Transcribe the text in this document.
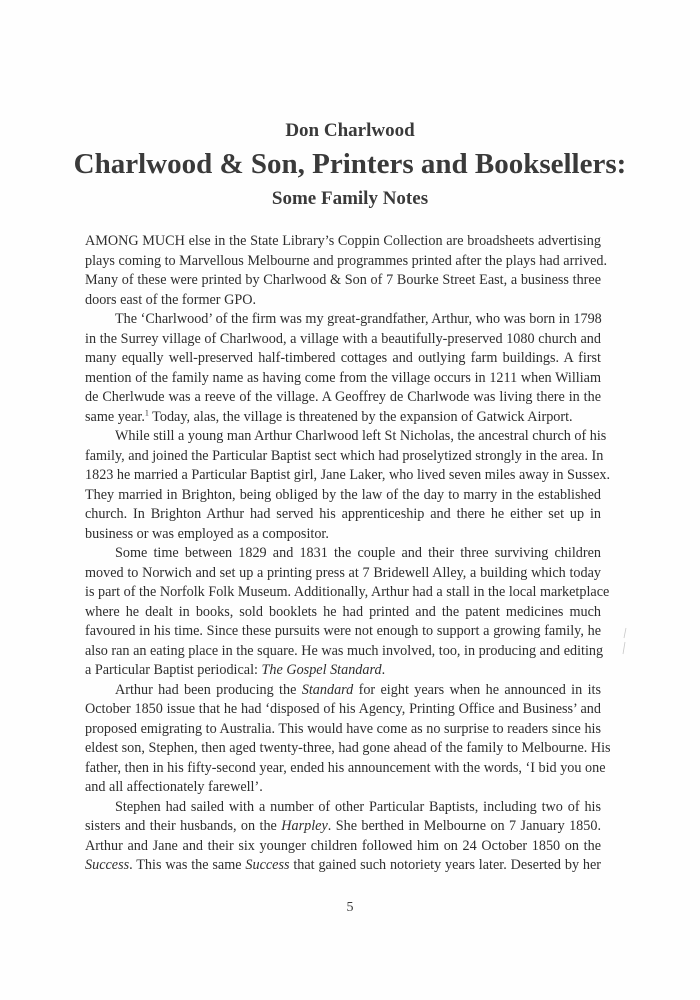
Don Charlwood
Charlwood & Son, Printers and Booksellers:
Some Family Notes

AMONG MUCH else in the State Library’s Coppin Collection are broadsheets advertising
plays coming to Marvellous Melbourne and programmes printed after the plays had arrived.
Many of these were printed by Charlwood & Son of 7 Bourke Street East, a business three
doors east of the former GPO.

The ‘Charlwood’ of the firm was my great-grandfather, Arthur, who was born in 1798
in the Surrey village of Charlwood, a village with a beautifully-preserved 1080 church and
many equally well-preserved half-timbered cottages and outlying farm buildings. A first
mention of the family name as having come from the village occurs in 1211 when William
de Cherlwude was a reeve of the village. A Geoffrey de Charlwode was living there in the
same year.$^1$ Today, alas, the village is threatened by the expansion of Gatwick Airport.

While still a young man Arthur Charlwood left St Nicholas, the ancestral church of his
family, and joined the Particular Baptist sect which had proselytized strongly in the area. In
1823 he married a Particular Baptist girl, Jane Laker, who lived seven miles away in Sussex.
They married in Brighton, being obliged by the law of the day to marry in the established
church. In Brighton Arthur had served his apprenticeship and there he either set up in
business or was employed as a compositor.

Some time between 1829 and 1831 the couple and their three surviving children
moved to Norwich and set up a printing press at 7 Bridewell Alley, a building which today
is part of the Norfolk Folk Museum. Additionally, Arthur had a stall in the local marketplace
where he dealt in books, sold booklets he had printed and the patent medicines much
favoured in his time. Since these pursuits were not enough to support a growing family, he
also ran an eating place in the square. He was much involved, too, in producing and editing
a Particular Baptist periodical: The Gospel Standard.

Arthur had been producing the Standard for eight years when he announced in its
October 1850 issue that he had ‘disposed of his Agency, Printing Office and Business’ and
proposed emigrating to Australia. This would have come as no surprise to readers since his
eldest son, Stephen, then aged twenty-three, had gone ahead of the family to Melbourne. His
father, then in his fifty-second year, ended his announcement with the words, ‘I bid you one
and all affectionately farewell’.

Stephen had sailed with a number of other Particular Baptists, including two of his
sisters and their husbands, on the Harpley. She berthed in Melbourne on 7 January 1850.
Arthur and Jane and their six younger children followed him on 24 October 1850 on the
Success. This was the same Success that gained such notoriety years later. Deserted by her

5
